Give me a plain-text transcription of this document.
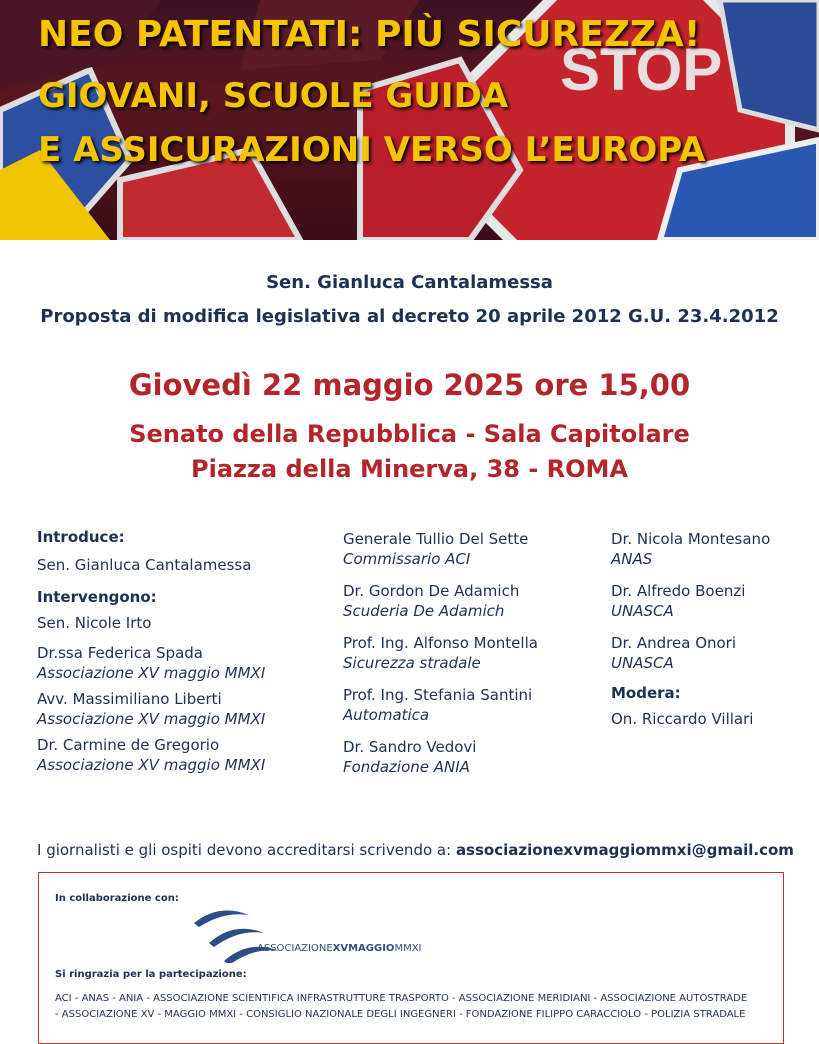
STOP
NEO PATENTATI: PIÙ SICUREZZA!
GIOVANI, SCUOLE GUIDA
E ASSICURAZIONI VERSO L’EUROPA
Sen. Gianluca Cantalamessa
Proposta di modifica legislativa al decreto 20 aprile 2012 G.U. 23.4.2012
Giovedì 22 maggio 2025 ore 15,00
Senato della Repubblica - Sala Capitolare
Piazza della Minerva, 38 - ROMA
Introduce:
Sen. Gianluca Cantalamessa
Intervengono:
Sen. Nicole Irto
Dr.ssa Federica Spada
Associazione XV maggio MMXI
Avv. Massimiliano Liberti
Associazione XV maggio MMXI
Dr. Carmine de Gregorio
Associazione XV maggio MMXI
Generale Tullio Del Sette
Commissario ACI
Dr. Gordon De Adamich
Scuderia De Adamich
Prof. Ing. Alfonso Montella
Sicurezza stradale
Prof. Ing. Stefania Santini
Automatica
Dr. Sandro Vedovi
Fondazione ANIA
Dr. Nicola Montesano
ANAS
Dr. Alfredo Boenzi
UNASCA
Dr. Andrea Onori
UNASCA
Modera:
On. Riccardo Villari
I giornalisti e gli ospiti devono accreditarsi scrivendo a: associazionexvmaggiommxi@gmail.com
In collaborazione con:
ASSOCIAZIONEXVMAGGIOMMXI
Si ringrazia per la partecipazione:
ACI - ANAS - ANIA - ASSOCIAZIONE SCIENTIFICA INFRASTRUTTURE TRASPORTO - ASSOCIAZIONE MERIDIANI - ASSOCIAZIONE AUTOSTRADE
- ASSOCIAZIONE XV - MAGGIO MMXI - CONSIGLIO NAZIONALE DEGLI INGEGNERI - FONDAZIONE FILIPPO CARACCIOLO - POLIZIA STRADALE
